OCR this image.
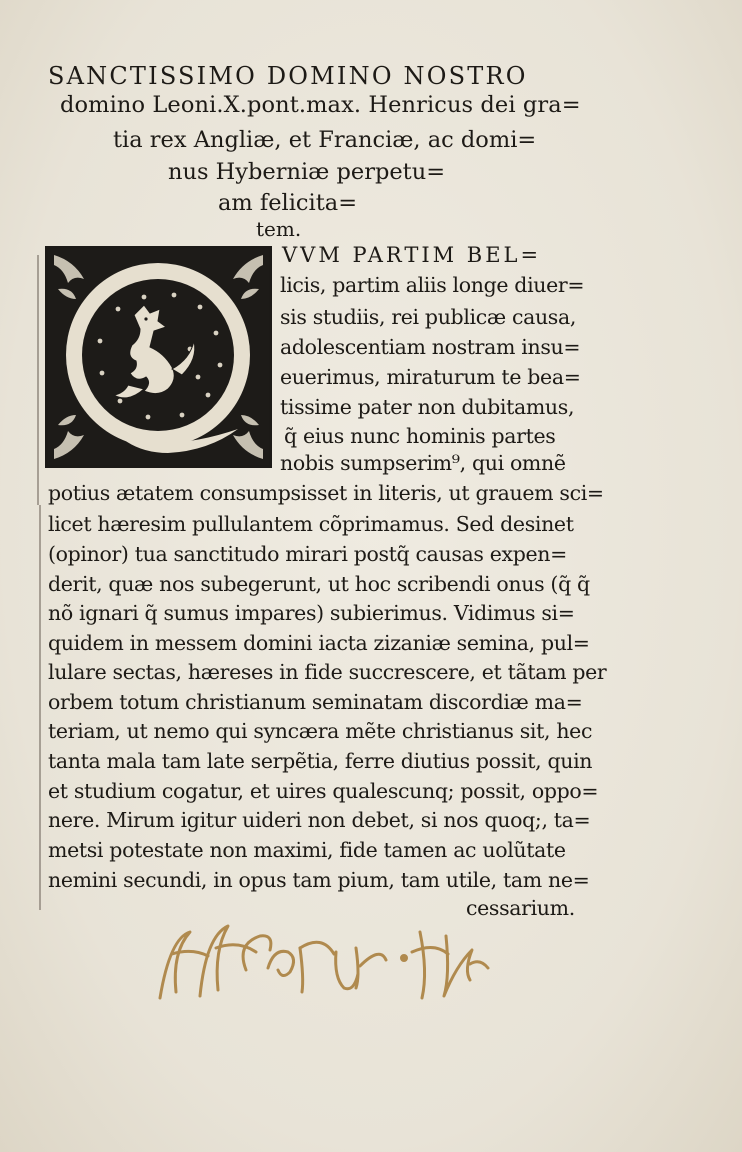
SANCTISSIMO DOMINO NOSTRO
domino Leoni.X.pont.max. Henricus dei gra=
tia rex Angliæ, et Franciæ, ac domi=
nus Hyberniæ perpetu=
am felicita=
tem.
VVM PARTIM BEL=
licis, partim aliis longe diuer=
sis studiis, rei publicæ causa,
adolescentiam nostram insu=
euerimus, miraturum te bea=
tissime pater non dubitamus,
q̃ eius nunc hominis partes
nobis sumpserim⁹, qui omnẽ
potius ætatem consumpsisset in literis, ut grauem sci=
licet hæresim pullulantem cõprimamus. Sed desinet
(opinor) tua sanctitudo mirari postq̃ causas expen=
derit, quæ nos subegerunt, ut hoc scribendi onus (q̃ q̃
nõ ignari q̃ sumus impares) subierimus. Vidimus si=
quidem in messem domini iacta zizaniæ semina, pul=
lulare sectas, hæreses in fide succrescere, et tãtam per
orbem totum christianum seminatam discordiæ ma=
teriam, ut nemo qui syncæra mẽte christianus sit, hec
tanta mala tam late serpẽtia, ferre diutius possit, quin
et studium cogatur, et uires qualescunq; possit, oppo=
nere. Mirum igitur uideri non debet, si nos quoq;, ta=
metsi potestate non maximi, fide tamen ac uolũtate
nemini secundi, in opus tam pium, tam utile, tam ne=
cessarium.
